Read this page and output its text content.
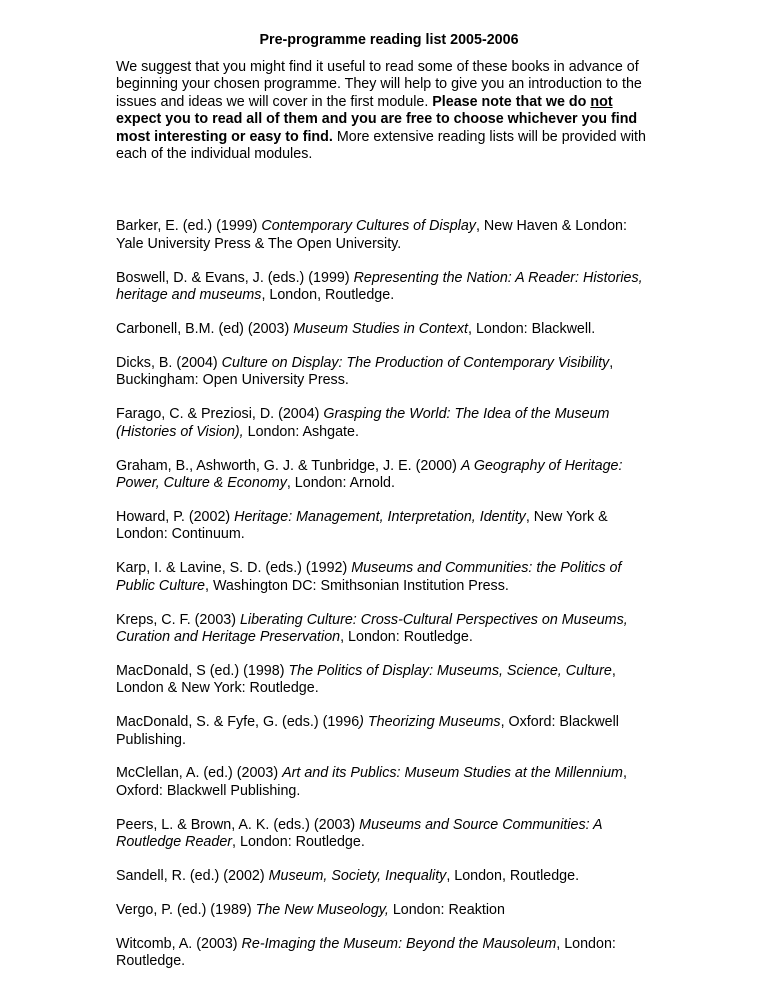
Pre-programme reading list 2005-2006

We suggest that you might find it useful to read some of these books in advance of beginning your chosen programme. They will help to give you an introduction to the issues and ideas we will cover in the first module. Please note that we do not expect you to read all of them and you are free to choose whichever you find most interesting or easy to find. More extensive reading lists will be provided with each of the individual modules.

Barker, E. (ed.) (1999) Contemporary Cultures of Display, New Haven & London: Yale University Press & The Open University.

Boswell, D. & Evans, J. (eds.) (1999) Representing the Nation: A Reader: Histories, heritage and museums, London, Routledge.

Carbonell, B.M. (ed) (2003) Museum Studies in Context, London: Blackwell.

Dicks, B. (2004) Culture on Display: The Production of Contemporary Visibility, Buckingham: Open University Press.

Farago, C. & Preziosi, D. (2004) Grasping the World: The Idea of the Museum (Histories of Vision), London: Ashgate.

Graham, B., Ashworth, G. J. & Tunbridge, J. E. (2000) A Geography of Heritage: Power, Culture & Economy, London: Arnold.

Howard, P. (2002) Heritage: Management, Interpretation, Identity, New York & London: Continuum.

Karp, I. & Lavine, S. D. (eds.) (1992) Museums and Communities: the Politics of Public Culture, Washington DC: Smithsonian Institution Press.

Kreps, C. F. (2003) Liberating Culture: Cross-Cultural Perspectives on Museums, Curation and Heritage Preservation, London: Routledge.

MacDonald, S (ed.) (1998) The Politics of Display: Museums, Science, Culture, London & New York: Routledge.

MacDonald, S. & Fyfe, G. (eds.) (1996) Theorizing Museums, Oxford: Blackwell Publishing.

McClellan, A. (ed.) (2003) Art and its Publics: Museum Studies at the Millennium, Oxford: Blackwell Publishing.

Peers, L. & Brown, A. K. (eds.) (2003) Museums and Source Communities: A Routledge Reader, London: Routledge.

Sandell, R. (ed.) (2002) Museum, Society, Inequality, London, Routledge.

Vergo, P. (ed.) (1989) The New Museology, London: Reaktion

Witcomb, A. (2003) Re-Imaging the Museum: Beyond the Mausoleum, London: Routledge.
